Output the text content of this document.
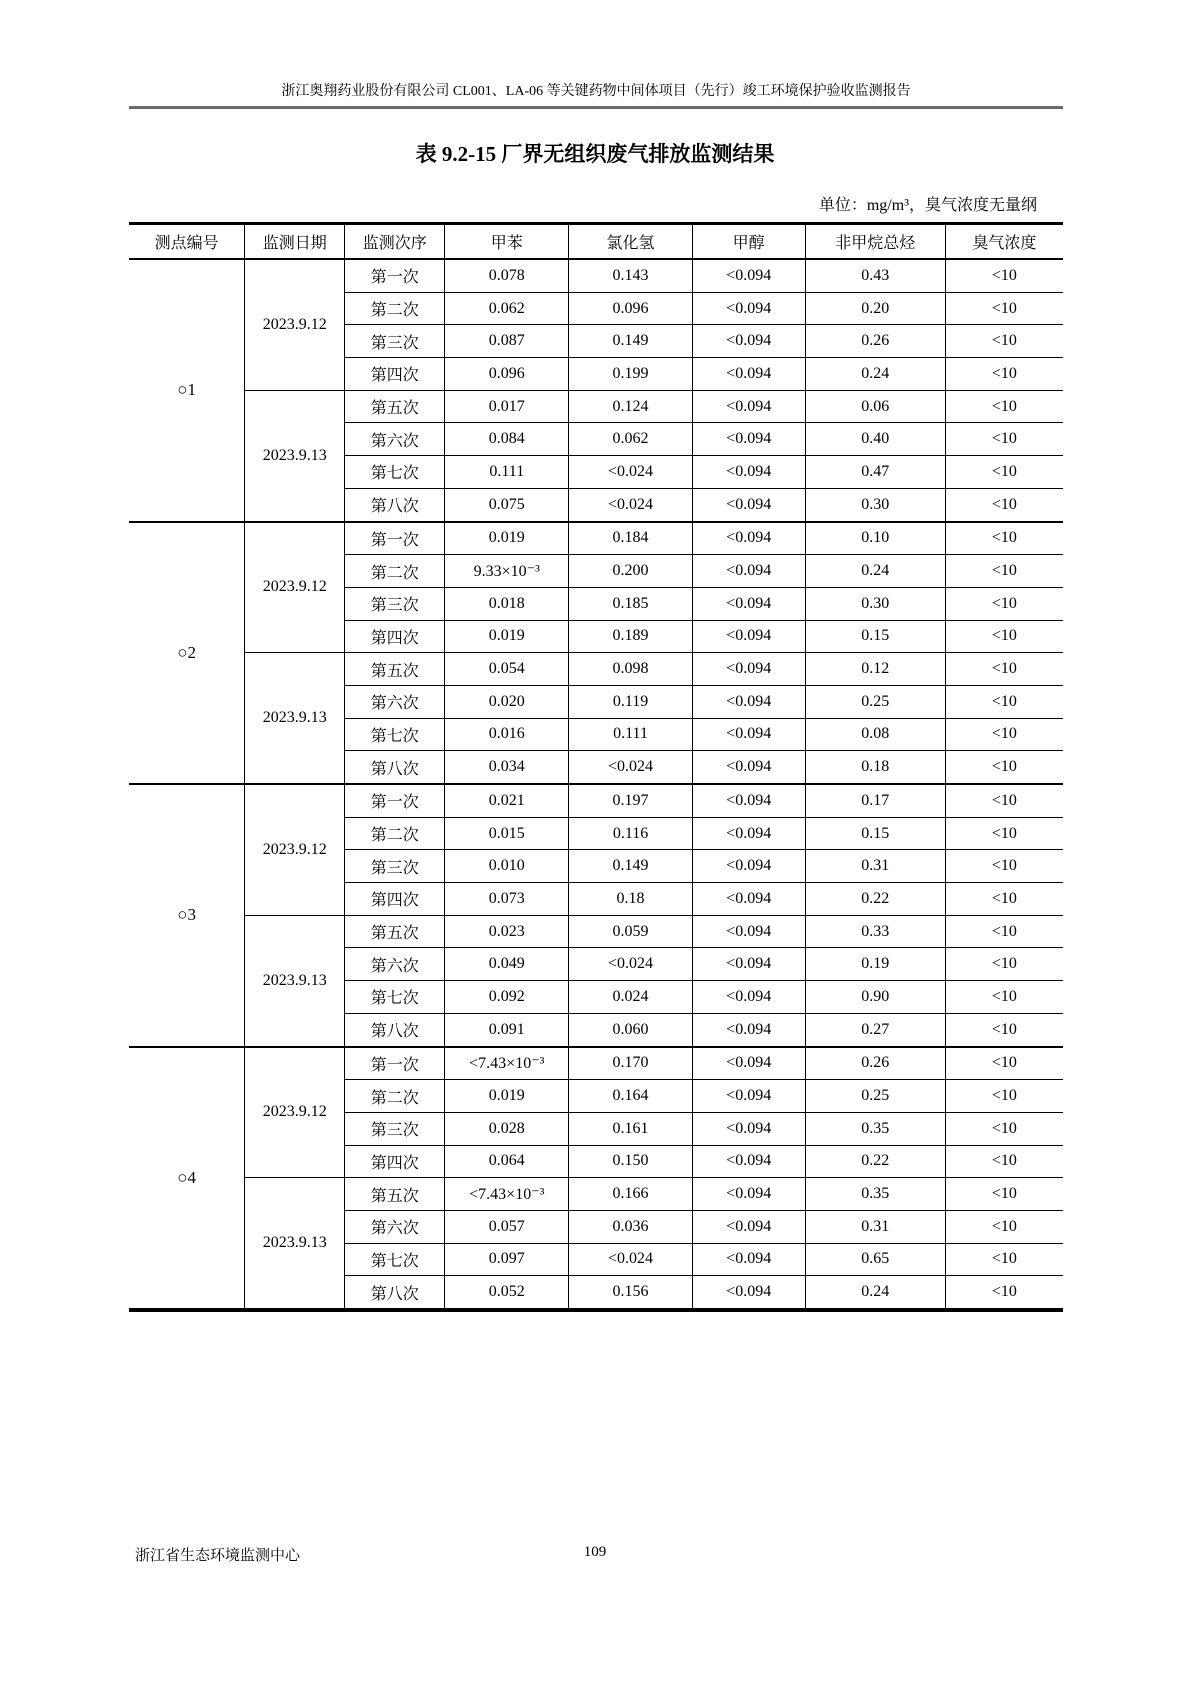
浙江奥翔药业股份有限公司 CL001、LA-06 等关键药物中间体项目（先行）竣工环境保护验收监测报告
表 9.2-15 厂界无组织废气排放监测结果
单位：mg/m³，臭气浓度无量纲
测点编号	监测日期	监测次序	甲苯	氯化氢	甲醇	非甲烷总烃	臭气浓度
○1	2023.9.12	第一次	0.078	0.143	<0.094	0.43	<10
		第二次	0.062	0.096	<0.094	0.20	<10
		第三次	0.087	0.149	<0.094	0.26	<10
		第四次	0.096	0.199	<0.094	0.24	<10
	2023.9.13	第五次	0.017	0.124	<0.094	0.06	<10
		第六次	0.084	0.062	<0.094	0.40	<10
		第七次	0.111	<0.024	<0.094	0.47	<10
		第八次	0.075	<0.024	<0.094	0.30	<10
○2	2023.9.12	第一次	0.019	0.184	<0.094	0.10	<10
		第二次	9.33×10⁻³	0.200	<0.094	0.24	<10
		第三次	0.018	0.185	<0.094	0.30	<10
		第四次	0.019	0.189	<0.094	0.15	<10
	2023.9.13	第五次	0.054	0.098	<0.094	0.12	<10
		第六次	0.020	0.119	<0.094	0.25	<10
		第七次	0.016	0.111	<0.094	0.08	<10
		第八次	0.034	<0.024	<0.094	0.18	<10
○3	2023.9.12	第一次	0.021	0.197	<0.094	0.17	<10
		第二次	0.015	0.116	<0.094	0.15	<10
		第三次	0.010	0.149	<0.094	0.31	<10
		第四次	0.073	0.18	<0.094	0.22	<10
	2023.9.13	第五次	0.023	0.059	<0.094	0.33	<10
		第六次	0.049	<0.024	<0.094	0.19	<10
		第七次	0.092	0.024	<0.094	0.90	<10
		第八次	0.091	0.060	<0.094	0.27	<10
○4	2023.9.12	第一次	<7.43×10⁻³	0.170	<0.094	0.26	<10
		第二次	0.019	0.164	<0.094	0.25	<10
		第三次	0.028	0.161	<0.094	0.35	<10
		第四次	0.064	0.150	<0.094	0.22	<10
	2023.9.13	第五次	<7.43×10⁻³	0.166	<0.094	0.35	<10
		第六次	0.057	0.036	<0.094	0.31	<10
		第七次	0.097	<0.024	<0.094	0.65	<10
		第八次	0.052	0.156	<0.094	0.24	<10
浙江省生态环境监测中心	109
